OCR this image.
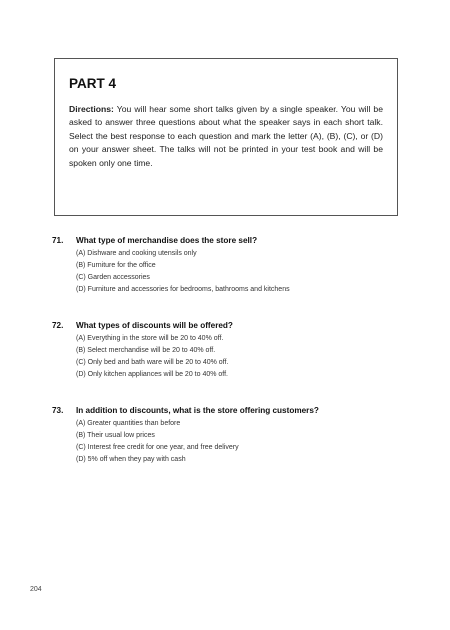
PART 4
Directions: You will hear some short talks given by a single speaker. You will be asked to answer three questions about what the speaker says in each short talk. Select the best response to each question and mark the letter (A), (B), (C), or (D) on your answer sheet. The talks will not be printed in your test book and will be spoken only one time.
71.	What type of merchandise does the store sell?
(A) Dishware and cooking utensils only
(B) Furniture for the office
(C) Garden accessories
(D) Furniture and accessories for bedrooms, bathrooms and kitchens
72.	What types of discounts will be offered?
(A) Everything in the store will be 20 to 40% off.
(B) Select merchandise will be 20 to 40% off.
(C) Only bed and bath ware will be 20 to 40% off.
(D) Only kitchen appliances will be 20 to 40% off.
73.	In addition to discounts, what is the store offering customers?
(A) Greater quantities than before
(B) Their usual low prices
(C) Interest free credit for one year, and free delivery
(D) 5% off when they pay with cash
204
